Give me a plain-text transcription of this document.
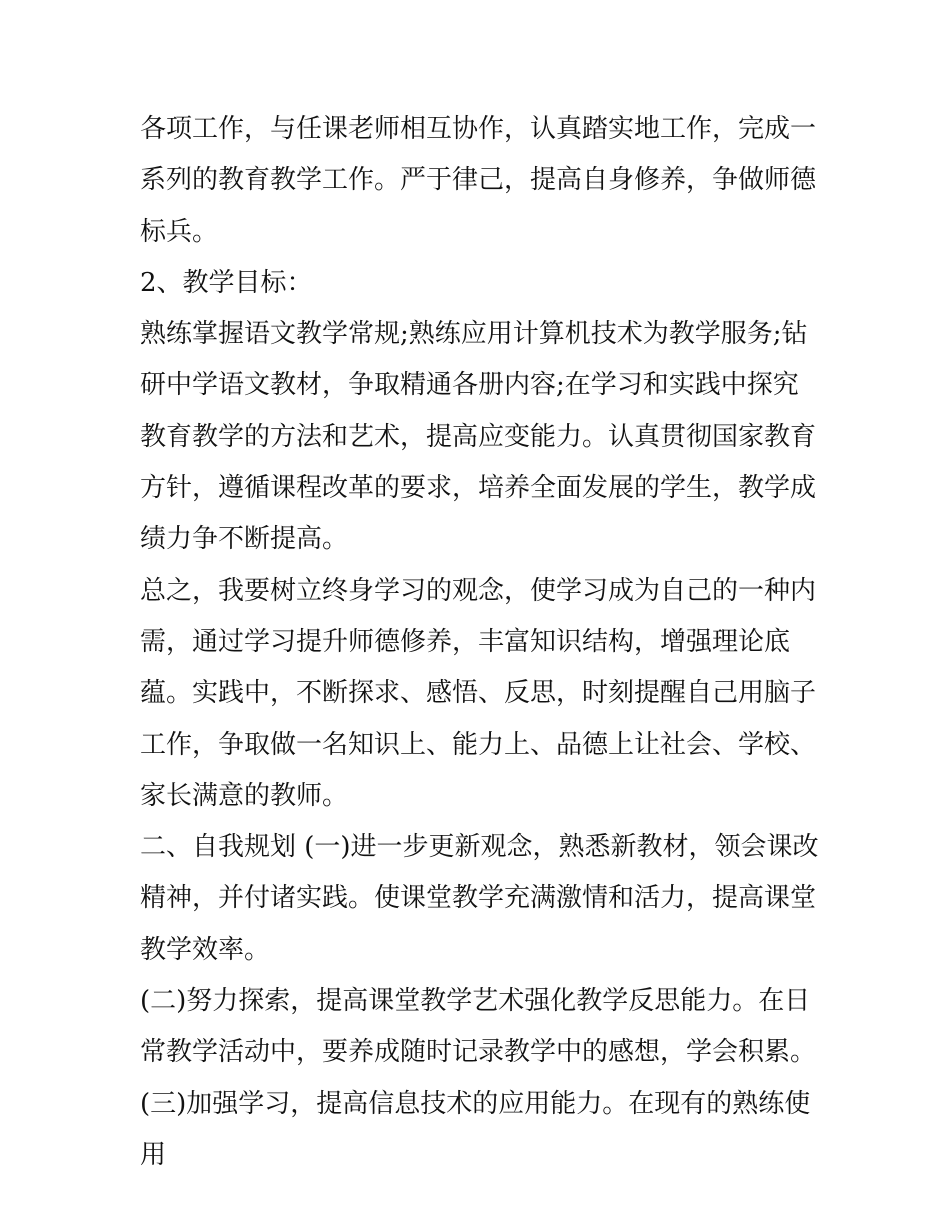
各项工作，与任课老师相互协作，认真踏实地工作，完成一系列的教育教学工作。严于律己，提高自身修养，争做师德标兵。

2、教学目标：

熟练掌握语文教学常规;熟练应用计算机技术为教学服务;钻研中学语文教材，争取精通各册内容;在学习和实践中探究教育教学的方法和艺术，提高应变能力。认真贯彻国家教育方针，遵循课程改革的要求，培养全面发展的学生，教学成绩力争不断提高。

总之，我要树立终身学习的观念，使学习成为自己的一种内需，通过学习提升师德修养，丰富知识结构，增强理论底蕴。实践中，不断探求、感悟、反思，时刻提醒自己用脑子工作，争取做一名知识上、能力上、品德上让社会、学校、家长满意的教师。

二、自我规划 (一)进一步更新观念，熟悉新教材，领会课改精神，并付诸实践。使课堂教学充满激情和活力，提高课堂教学效率。

(二)努力探索，提高课堂教学艺术强化教学反思能力。在日常教学活动中，要养成随时记录教学中的感想，学会积累。

(三)加强学习，提高信息技术的应用能力。在现有的熟练使用
